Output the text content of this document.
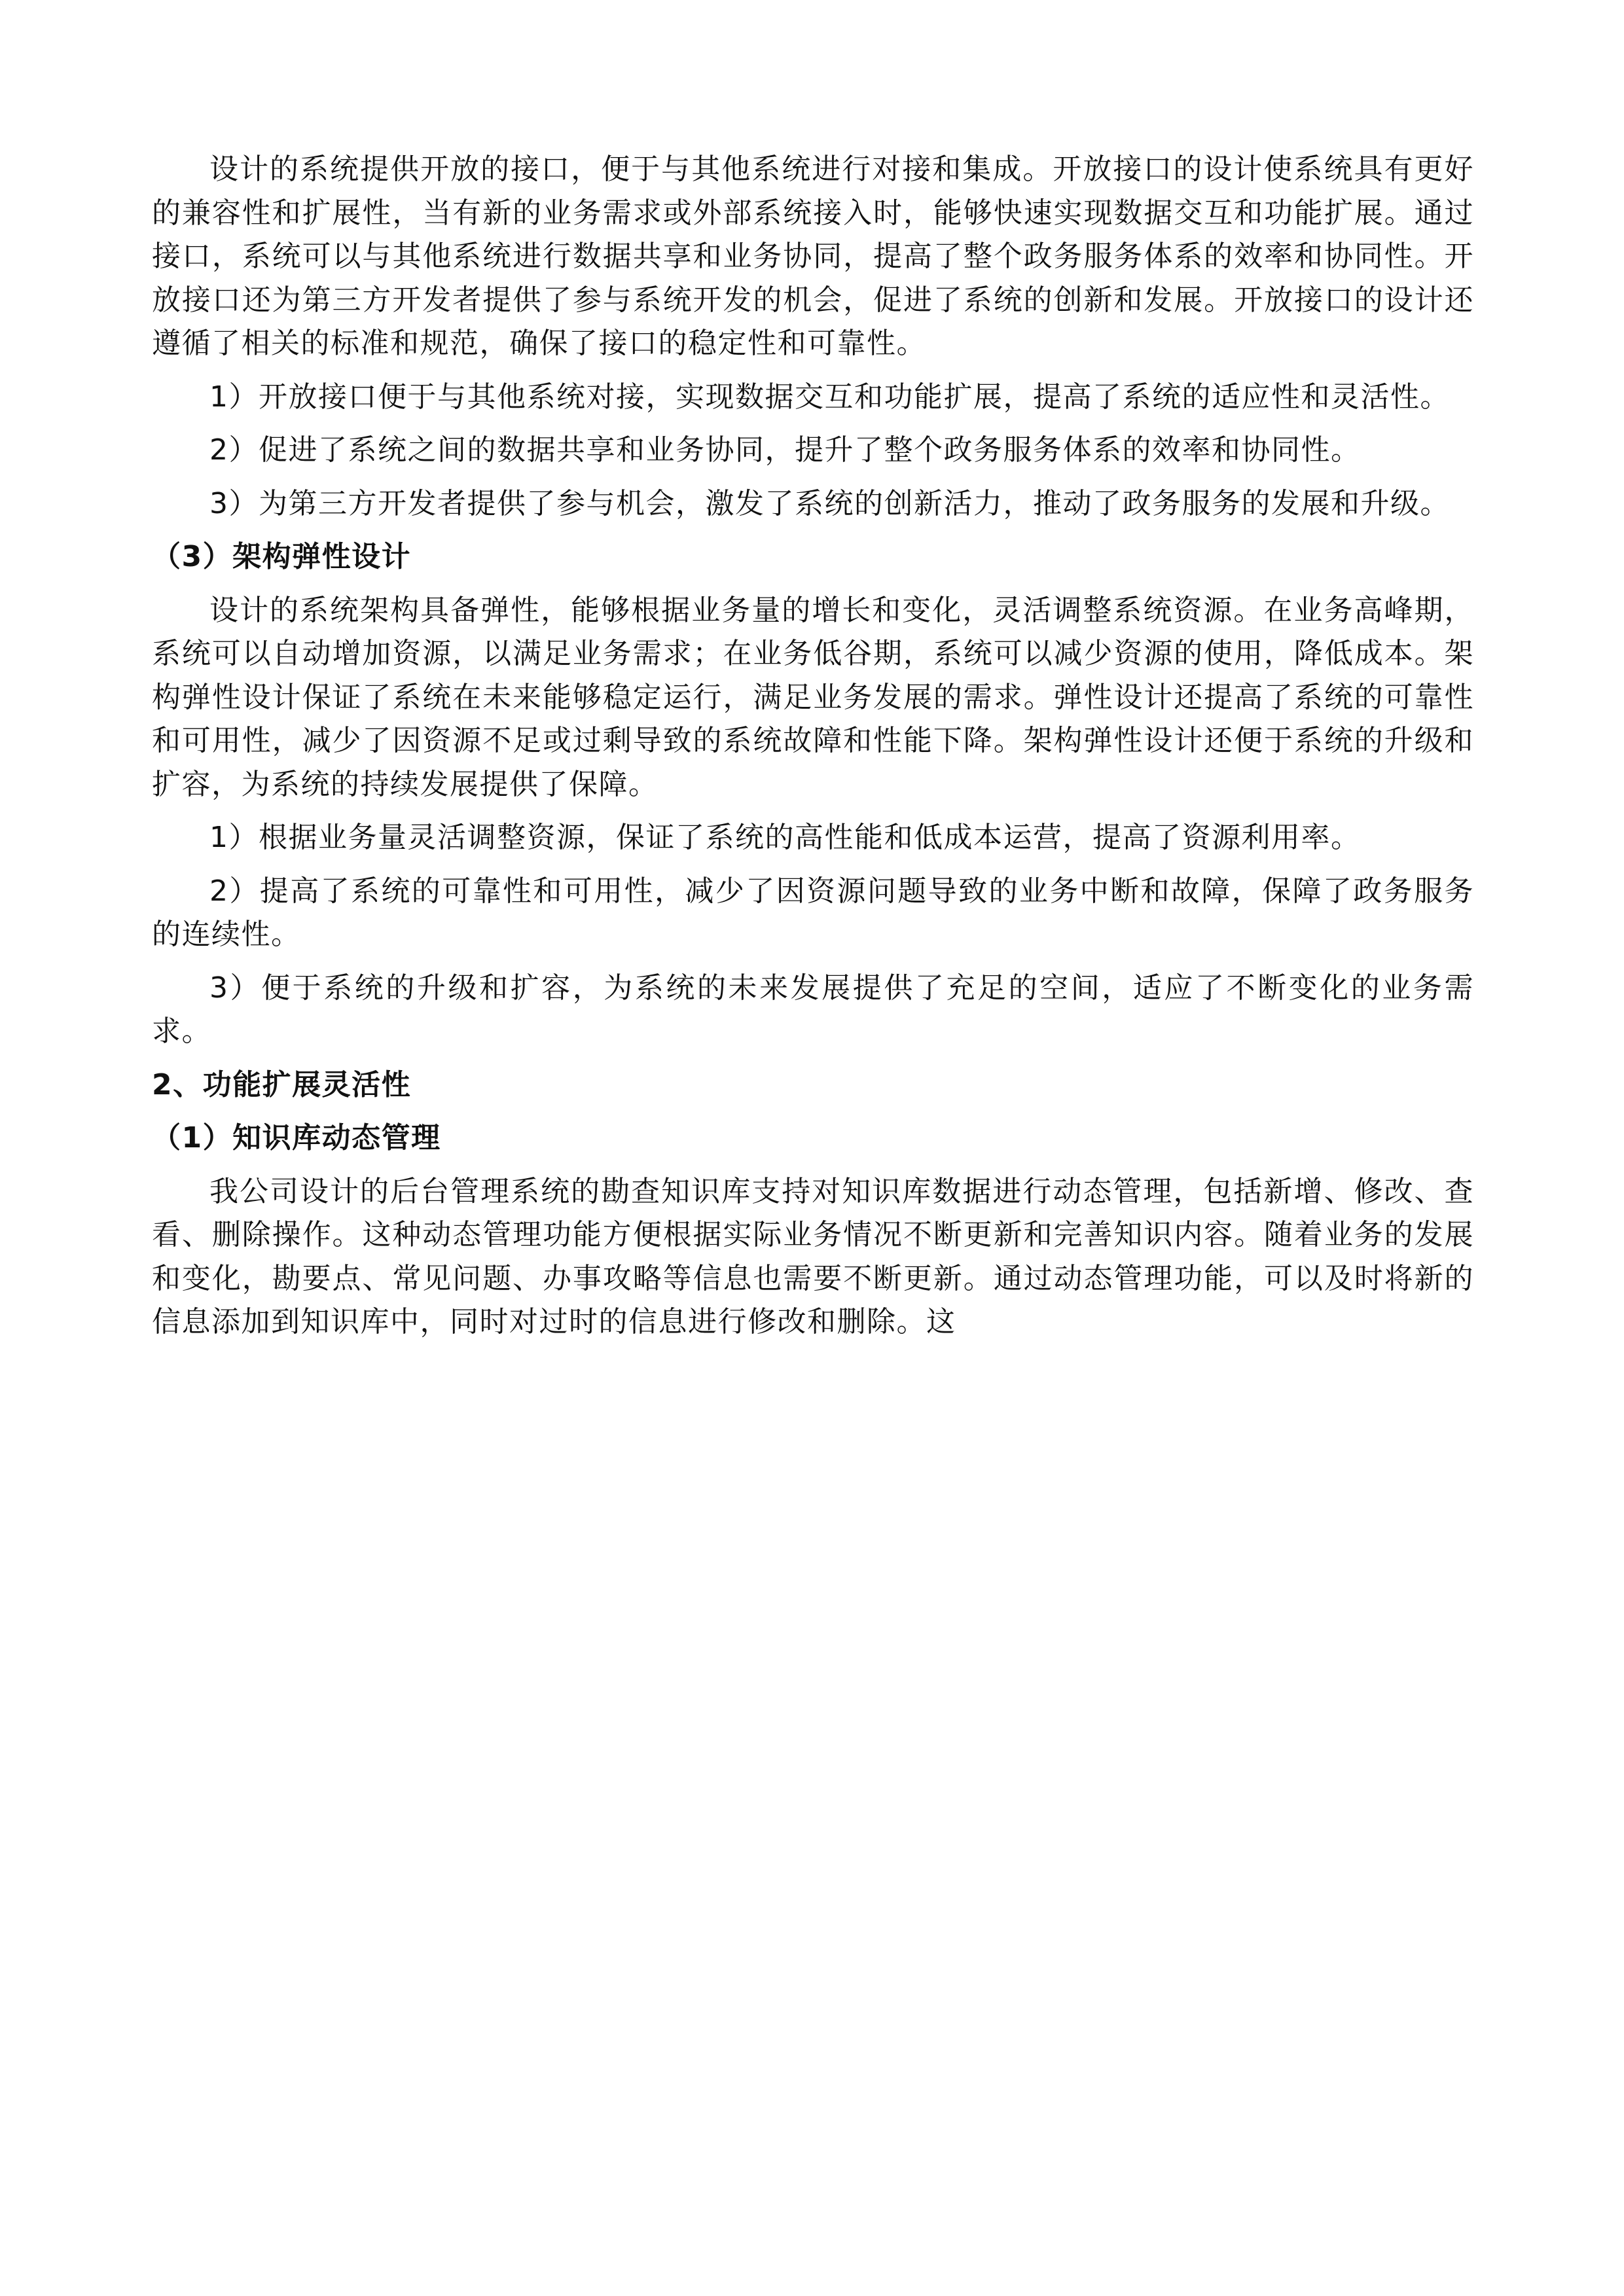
设计的系统提供开放的接口，便于与其他系统进行对接和集成。开放接口的设计使系统具有更好的兼容性和扩展性，当有新的业务需求或外部系统接入时，能够快速实现数据交互和功能扩展。通过接口，系统可以与其他系统进行数据共享和业务协同，提高了整个政务服务体系的效率和协同性。开放接口还为第三方开发者提供了参与系统开发的机会，促进了系统的创新和发展。开放接口的设计还遵循了相关的标准和规范，确保了接口的稳定性和可靠性。

1）开放接口便于与其他系统对接，实现数据交互和功能扩展，提高了系统的适应性和灵活性。

2）促进了系统之间的数据共享和业务协同，提升了整个政务服务体系的效率和协同性。

3）为第三方开发者提供了参与机会，激发了系统的创新活力，推动了政务服务的发展和升级。

（3）架构弹性设计

设计的系统架构具备弹性，能够根据业务量的增长和变化，灵活调整系统资源。在业务高峰期，系统可以自动增加资源，以满足业务需求；在业务低谷期，系统可以减少资源的使用，降低成本。架构弹性设计保证了系统在未来能够稳定运行，满足业务发展的需求。弹性设计还提高了系统的可靠性和可用性，减少了因资源不足或过剩导致的系统故障和性能下降。架构弹性设计还便于系统的升级和扩容，为系统的持续发展提供了保障。

1）根据业务量灵活调整资源，保证了系统的高性能和低成本运营，提高了资源利用率。

2）提高了系统的可靠性和可用性，减少了因资源问题导致的业务中断和故障，保障了政务服务的连续性。

3）便于系统的升级和扩容，为系统的未来发展提供了充足的空间，适应了不断变化的业务需求。

2、功能扩展灵活性

（1）知识库动态管理

我公司设计的后台管理系统的勘查知识库支持对知识库数据进行动态管理，包括新增、修改、查看、删除操作。这种动态管理功能方便根据实际业务情况不断更新和完善知识内容。随着业务的发展和变化，勘要点、常见问题、办事攻略等信息也需要不断更新。通过动态管理功能，可以及时将新的信息添加到知识库中，同时对过时的信息进行修改和删除。这
